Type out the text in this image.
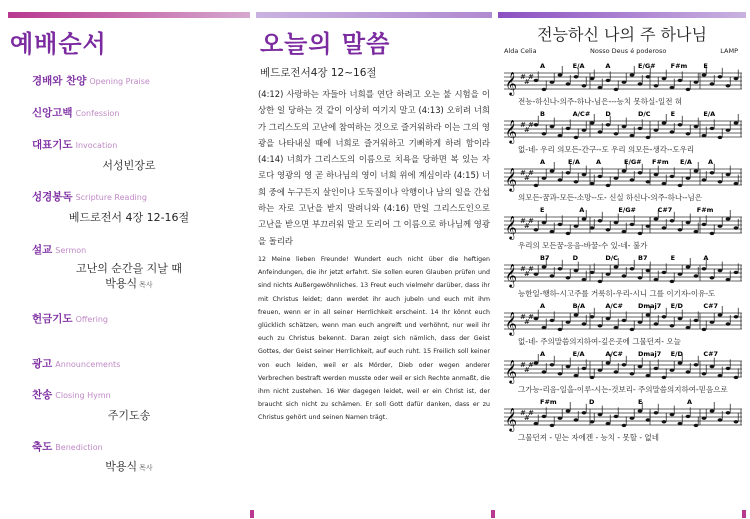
예배순서
경배와 찬양 Opening Praise
신앙고백 Confession
대표기도 Invocation
서성빈장로
성경봉독 Scripture Reading
베드로전서 4장 12-16절
설교 Sermon
고난의 순간을 지날 때
박용식 목사
헌금기도 Offering
광고 Announcements
찬송 Closing Hymn
주기도송
축도 Benediction
박용식 목사
오늘의 말씀
베드로전서4장 12~16절

(4:12) 사랑하는 자들아 너희를 연단 하려고 오는 불 시험을 이상한 일 당하는 것 같이 이상히 여기지 말고 (4:13) 오히려 너희가 그리스도의 고난에 참여하는 것으로 즐거워하라 이는 그의 영광을 나타내실 때에 너희로 즐거워하고 기뻐하게 하려 함이라 (4:14) 너희가 그리스도의 이름으로 치욕을 당하면 복 있는 자로다 영광의 영 곧 하나님의 영이 너희 위에 계심이라 (4:15) 너희 중에 누구든지 살인이나 도둑질이나 악행이나 남의 일을 간섭하는 자로 고난을 받지 말려니와 (4:16) 만일 그리스도인으로 고난을 받으면 부끄러워 말고 도리어 그 이름으로 하나님께 영광을 돌리라

12 Meine lieben Freunde! Wundert euch nicht über die heftigen Anfeindungen, die ihr jetzt erfahrt. Sie sollen euren Glauben prüfen und sind nichts Außergewöhnliches. 13 Freut euch vielmehr darüber, dass ihr mit Christus leidet; dann werdet ihr auch jubeln und euch mit ihm freuen, wenn er in all seiner Herrlichkeit erscheint. 14 Ihr könnt euch glücklich schätzen, wenn man euch angreift und verhöhnt, nur weil ihr euch zu Christus bekennt. Daran zeigt sich nämlich, dass der Geist Gottes, der Geist seiner Herrlichkeit, auf euch ruht. 15 Freilich soll keiner von euch leiden, weil er als Mörder, Dieb oder wegen anderer Verbrechen bestraft werden musste oder weil er sich Rechte anmaßt, die ihm nicht zustehen. 16 Wer dagegen leidet, weil er ein Christ ist, der braucht sich nicht zu schämen. Er soll Gott dafür danken, dass er zu Christus gehört und seinen Namen trägt.

전능하신 나의 주 하나님
Alda Celia	Nosso Deus é poderoso	LAMP
𝄞 #
#
#
A	E/A	A	E/G# F#m E
전능-하신나-의주-하나-님은---능치 못하실-일전 혀
𝄞 #
#
#
B	A/C# D	D/C	E	E/A
없-네- 우리 의모든-간구--도 우리 의모든-생각--도우리
𝄞 #
#
#
A	E/A A	E/G# F#m E/A A
의모든-꿈과-모든-소망--도- 신실 하신나-의주-하나--님은
𝄞 #
#
#
E	A	E/G#	C#7	F#m
우리의 모든꿈-응음-바꿀-수 있-네- 불가
𝄞 #
#
#
B7	D	D/C	B7	E	A
능한일-행하-시고주를 거룩히-우리-시니 그를 이기자-이유-도
𝄞 #
#
#
A	B/A	A/C# Dmaj7 E/D	C#7
없-네- 주의말씀의지하여-깊은곳에 그물던져- 오늘
𝄞 #
#
#
A	E/A	A/C# Dmaj7 E/D	C#7
그가능-리음-일을-이루-시는-것보리- 주의말씀의지하여-믿음으로
𝄞 #
#
#
F#m	D	E	A
그물던져 - 믿는 자에겐 - 능치 - 못할 - 없네
